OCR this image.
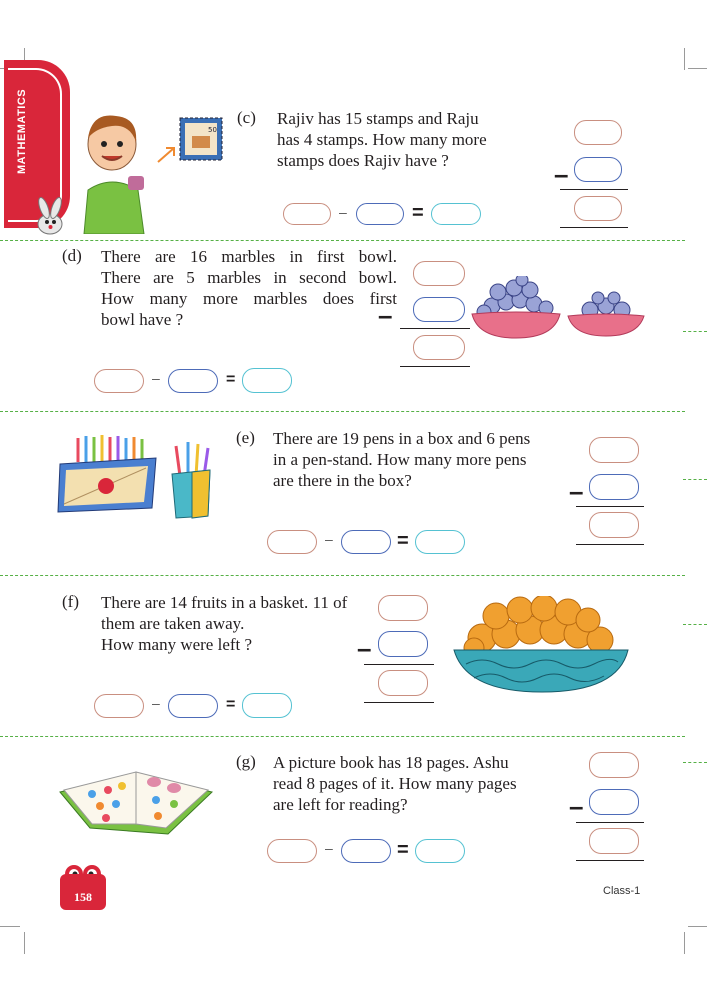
MATHEMATICS	50
(c) Rajiv has 15 stamps and Raju
has 4 stamps. How many more
stamps does Rajiv have ?
–	=
–
(d) There are 16 marbles in first bowl.
There are 5 marbles in second bowl.
How many more marbles does first
bowl have ?	–
–	=
(e) There are 19 pens in a box and 6 pens
in a pen-stand. How many more pens
are there in the box?	–
–	=
(f) There are 14 fruits in a basket. 11 of
them are taken away.
How many were left ?	–
–	=
(g) A picture book has 18 pages. Ashu
read 8 pages of it. How many pages
are left for reading?	–
–	=
158	Class-1
